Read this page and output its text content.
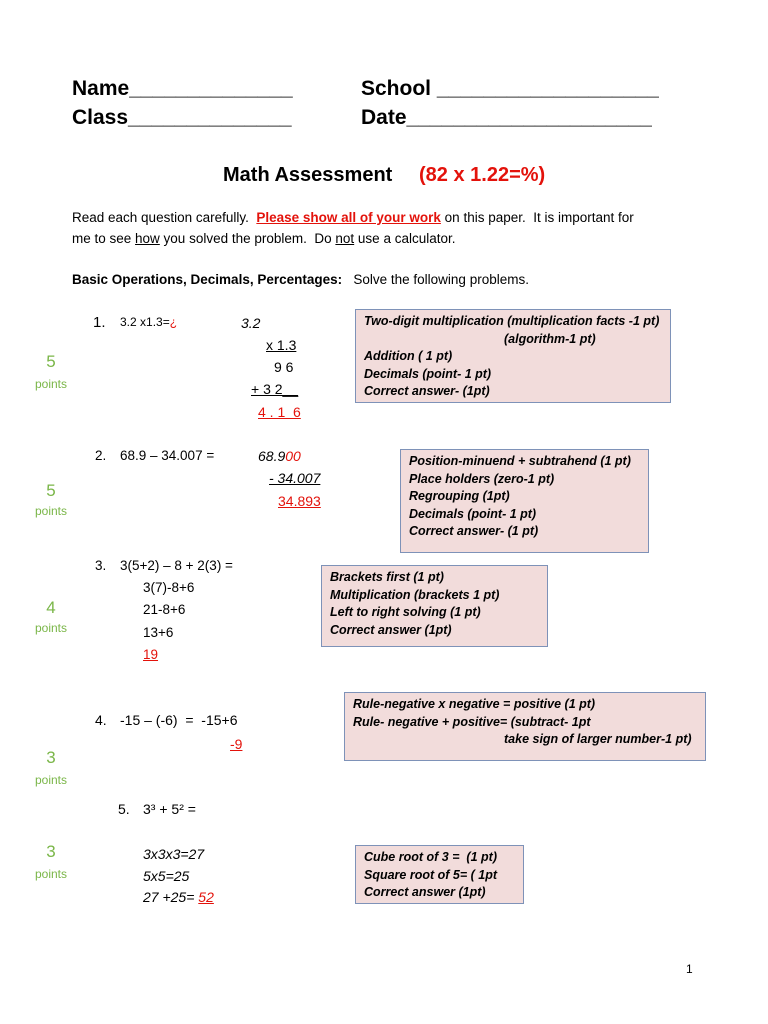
Name______________	School ___________________
Class______________	Date_____________________
Math Assessment (82 x 1.22=%)
Read each question carefully.  Please show all of your work on this paper.  It is important for
me to see how you solved the problem.  Do not use a calculator.
Basic Operations, Decimals, Percentages:   Solve the following problems.
1. 3.2 x1.3=¿	3.2
x 1.3
9 6
+ 3 2__
4 . 1  6
5
points
Two-digit multiplication (multiplication facts -1 pt)
(algorithm-1 pt)
Addition ( 1 pt)
Decimals (point- 1 pt)
Correct answer- (1pt)
2. 68.9 – 34.007 =	68.900
- 34.007
34.893
5
points
Position-minuend + subtrahend (1 pt)
Place holders (zero-1 pt)
Regrouping (1pt)
Decimals (point- 1 pt)
Correct answer- (1 pt)
3. 3(5+2) – 8 + 2(3) =
3(7)-8+6
21-8+6
13+6
19
4
points
Brackets first (1 pt)
Multiplication (brackets 1 pt)
Left to right solving (1 pt)
Correct answer (1pt)
4. -15 – (-6)  =  -15+6
-9
3
points
Rule-negative x negative = positive (1 pt)
Rule- negative + positive= (subtract- 1pt
take sign of larger number-1 pt)
5. 3³ + 5² =
3x3x3=27
5x5=25
27 +25= 52
3
points
Cube root of 3 =  (1 pt)
Square root of 5= ( 1pt
Correct answer (1pt)
1
